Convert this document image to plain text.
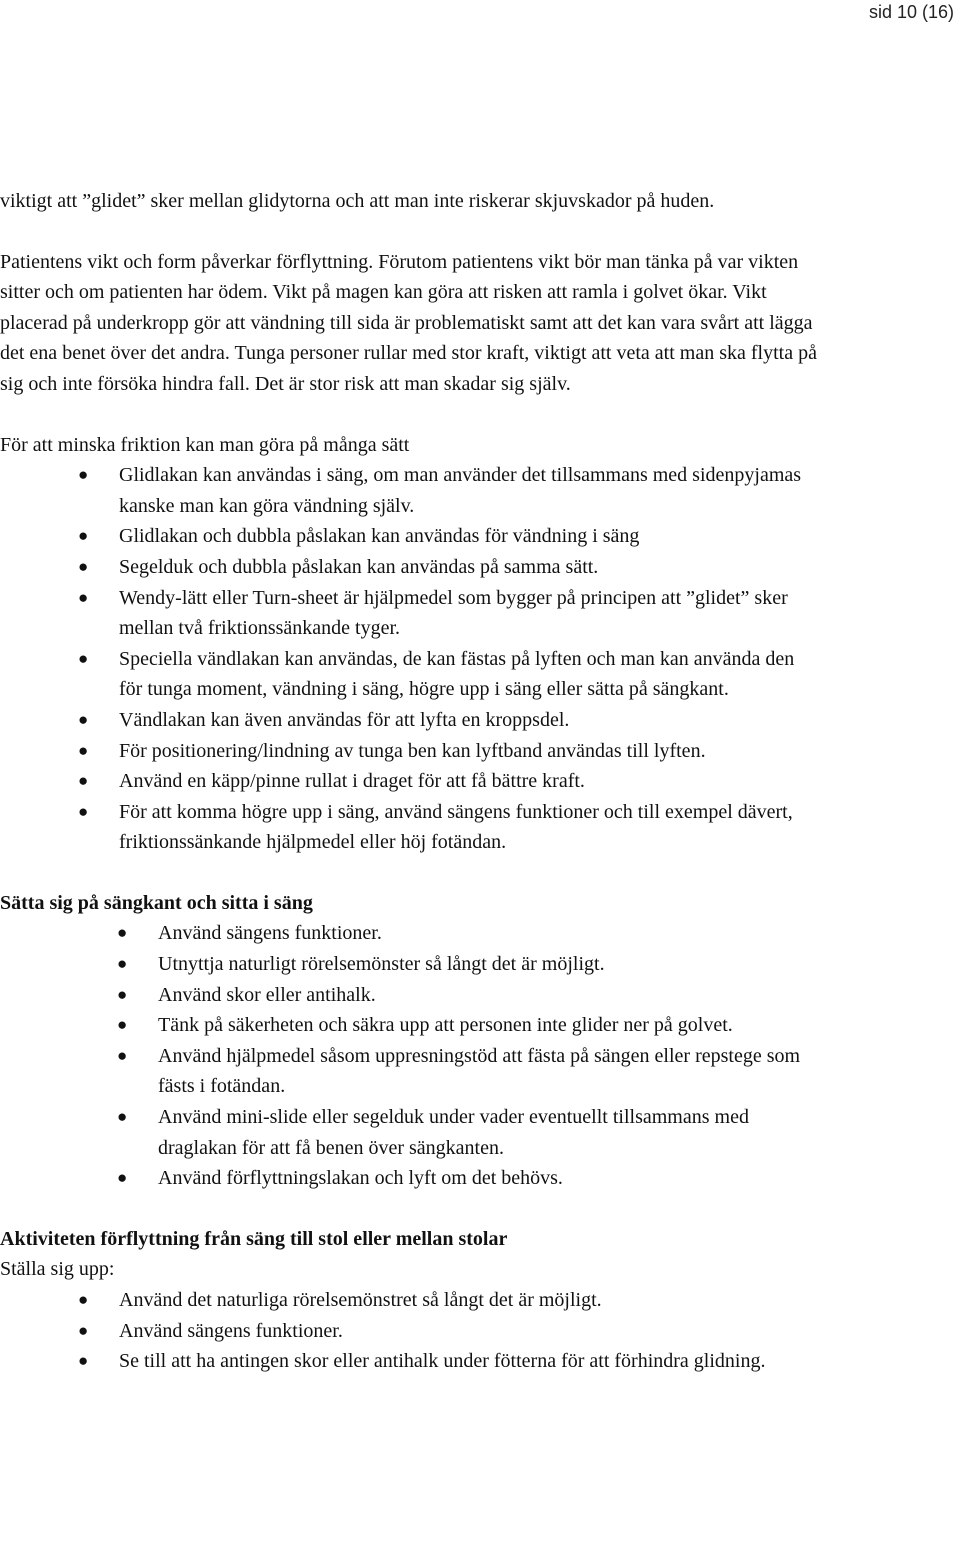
sid 10 (16)

viktigt att ”glidet” sker mellan glidytorna och att man inte riskerar skjuvskador på huden.

Patientens vikt och form påverkar förflyttning. Förutom patientens vikt bör man tänka på var vikten sitter och om patienten har ödem. Vikt på magen kan göra att risken att ramla i golvet ökar. Vikt placerad på underkropp gör att vändning till sida är problematiskt samt att det kan vara svårt att lägga det ena benet över det andra. Tunga personer rullar med stor kraft, viktigt att veta att man ska flytta på sig och inte försöka hindra fall. Det är stor risk att man skadar sig själv.

För att minska friktion kan man göra på många sätt

● Glidlakan kan användas i säng, om man använder det tillsammans med sidenpyjamas kanske man kan göra vändning själv.
● Glidlakan och dubbla påslakan kan användas för vändning i säng
● Segelduk och dubbla påslakan kan användas på samma sätt.
● Wendy-lätt eller Turn-sheet är hjälpmedel som bygger på principen att ”glidet” sker mellan två friktionssänkande tyger.
● Speciella vändlakan kan användas, de kan fästas på lyften och man kan använda den för tunga moment, vändning i säng, högre upp i säng eller sätta på sängkant.
● Vändlakan kan även användas för att lyfta en kroppsdel.
● För positionering/lindning av tunga ben kan lyftband användas till lyften.
● Använd en käpp/pinne rullat i draget för att få bättre kraft.
● För att komma högre upp i säng, använd sängens funktioner och till exempel dävert, friktionssänkande hjälpmedel eller höj fotändan.
Sätta sig på sängkant och sitta i säng
● Använd sängens funktioner.
● Utnyttja naturligt rörelsemönster så långt det är möjligt.
● Använd skor eller antihalk.
● Tänk på säkerheten och säkra upp att personen inte glider ner på golvet.
● Använd hjälpmedel såsom uppresningstöd att fästa på sängen eller repstege som fästs i fotändan.
● Använd mini-slide eller segelduk under vader eventuellt tillsammans med draglakan för att få benen över sängkanten.
● Använd förflyttningslakan och lyft om det behövs.
Aktiviteten förflyttning från säng till stol eller mellan stolar

Ställa sig upp:

● Använd det naturliga rörelsemönstret så långt det är möjligt.
● Använd sängens funktioner.
● Se till att ha antingen skor eller antihalk under fötterna för att förhindra glidning.
